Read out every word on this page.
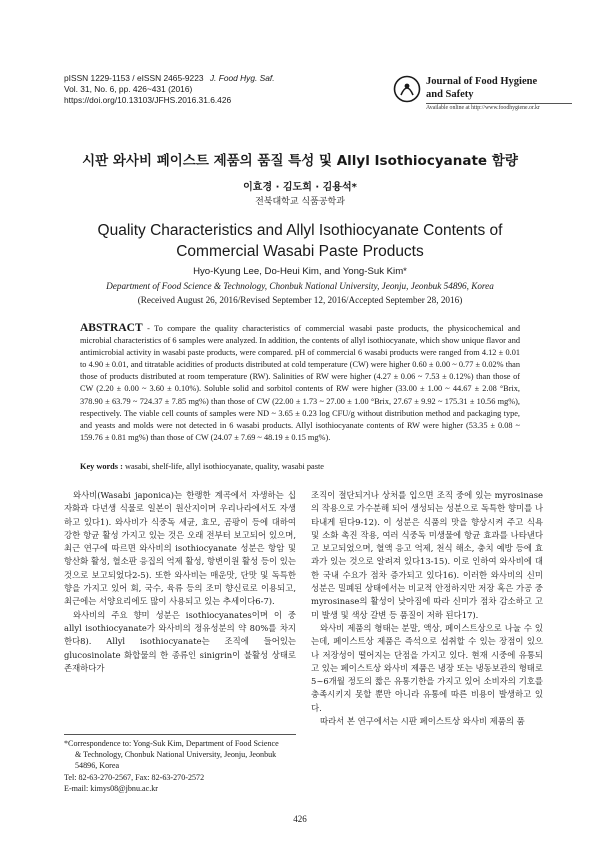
pISSN 1229-1153 / eISSN 2465-9223 J. Food Hyg. Saf.
Vol. 31, No. 6, pp. 426~431 (2016)
https://doi.org/10.13103/JFHS.2016.31.6.426
Journal of Food Hygiene
and Safety
Available online at http://www.foodhygiene.or.kr
시판 와사비 페이스트 제품의 품질 특성 및 Allyl Isothiocyanate 함량
이효경 · 김도희 · 김용석*
전북대학교 식품공학과
Quality Characteristics and Allyl Isothiocyanate Contents of
Commercial Wasabi Paste Products
Hyo-Kyung Lee, Do-Heui Kim, and Yong-Suk Kim*
Department of Food Science & Technology, Chonbuk National University, Jeonju, Jeonbuk 54896, Korea
(Received August 26, 2016/Revised September 12, 2016/Accepted September 28, 2016)
ABSTRACT - To compare the quality characteristics of commercial wasabi paste products, the physicochemical and microbial characteristics of 6 samples were analyzed. In addition, the contents of allyl isothiocyanate, which show unique flavor and antimicrobial activity in wasabi paste products, were compared. pH of commercial 6 wasabi products were ranged from 4.12 ± 0.01 to 4.90 ± 0.01, and titratable acidities of products distributed at cold temperature (CW) were higher 0.60 ± 0.00 ~ 0.77 ± 0.02% than those of products distributed at room temperature (RW). Salinities of RW were higher (4.27 ± 0.06 ~ 7.53 ± 0.12%) than those of CW (2.20 ± 0.00 ~ 3.60 ± 0.10%). Soluble solid and sorbitol contents of RW were higher (33.00 ± 1.00 ~ 44.67 ± 2.08 °Brix, 378.90 ± 63.79 ~ 724.37 ± 7.85 mg%) than those of CW (22.00 ± 1.73 ~ 27.00 ± 1.00 °Brix, 27.67 ± 9.92 ~ 175.31 ± 10.56 mg%), respectively. The viable cell counts of samples were ND ~ 3.65 ± 0.23 log CFU/g without distribution method and packaging type, and yeasts and molds were not detected in 6 wasabi products. Allyl isothiocyanate contents of RW were higher (53.35 ± 0.08 ~ 159.76 ± 0.81 mg%) than those of CW (24.07 ± 7.69 ~ 48.19 ± 0.15 mg%).
Key words : wasabi, shelf-life, allyl isothiocyanate, quality, wasabi paste

와사비(Wasabi japonica)는 한랭한 계곡에서 자생하는 십자화과 다년생 식물로 일본이 원산지이며 우리나라에서도 자생하고 있다1). 와사비가 식중독 세균, 효모, 곰팡이 등에 대하여 강한 항균 활성 가지고 있는 것은 오래 전부터 보고되어 있으며, 최근 연구에 따르면 와사비의 isothiocyanate 성분은 항암 및 항산화 활성, 혈소판 응집의 억제 활성, 항변이원 활성 등이 있는 것으로 보고되었다2-5). 또한 와사비는 매운맛, 단맛 및 독특한 향을 가지고 있어 회, 국수, 육류 등의 조미 향신료로 이용되고, 최근에는 서양요리에도 많이 사용되고 있는 추세이다6-7).

와사비의 주요 향미 성분은 isothiocyanates이며 이 중 allyl isothiocyanate가 와사비의 정유성분의 약 80%를 차지한다8). Allyl isothiocyanate는 조직에 들어있는 glucosinolate 화합물의 한 종류인 sinigrin이 불활성 상태로 존재하다가

조직이 절단되거나 상처를 입으면 조직 중에 있는 myrosinase의 작용으로 가수분해 되어 생성되는 성분으로 독특한 향미를 나타내게 된다9-12). 이 성분은 식품의 맛을 향상시켜 주고 식욕 및 소화 촉진 작용, 여러 식중독 미생물에 항균 효과를 나타낸다고 보고되었으며, 혈액 응고 억제, 천식 해소, 충치 예방 등에 효과가 있는 것으로 알려져 있다13-15). 이로 인하여 와사비에 대한 국내 수요가 점차 증가되고 있다16). 이러한 와사비의 신미성분은 밀폐된 상태에서는 비교적 안정하지만 저장 혹은 가공 중 myrosinase의 활성이 낮아짐에 따라 신미가 점차 감소하고 고미 발생 및 색상 갈변 등 품질이 저하 된다17).

와사비 제품의 형태는 분말, 액상, 페이스트상으로 나눌 수 있는데, 페이스트상 제품은 즉석으로 섭취할 수 있는 장점이 있으나 저장성이 떨어지는 단점을 가지고 있다. 현재 시중에 유통되고 있는 페이스트상 와사비 제품은 냉장 또는 냉동보관의 형태로 5~6개월 정도의 짧은 유통기한을 가지고 있어 소비자의 기호를 충족시키지 못할 뿐만 아니라 유통에 따른 비용이 발생하고 있다.

따라서 본 연구에서는 시판 페이스트상 와사비 제품의 품

*Correspondence to: Yong-Suk Kim, Department of Food Science
& Technology, Chonbuk National University, Jeonju, Jeonbuk
54896, Korea
Tel: 82-63-270-2567, Fax: 82-63-270-2572
E-mail: kimys08@jbnu.ac.kr
426
